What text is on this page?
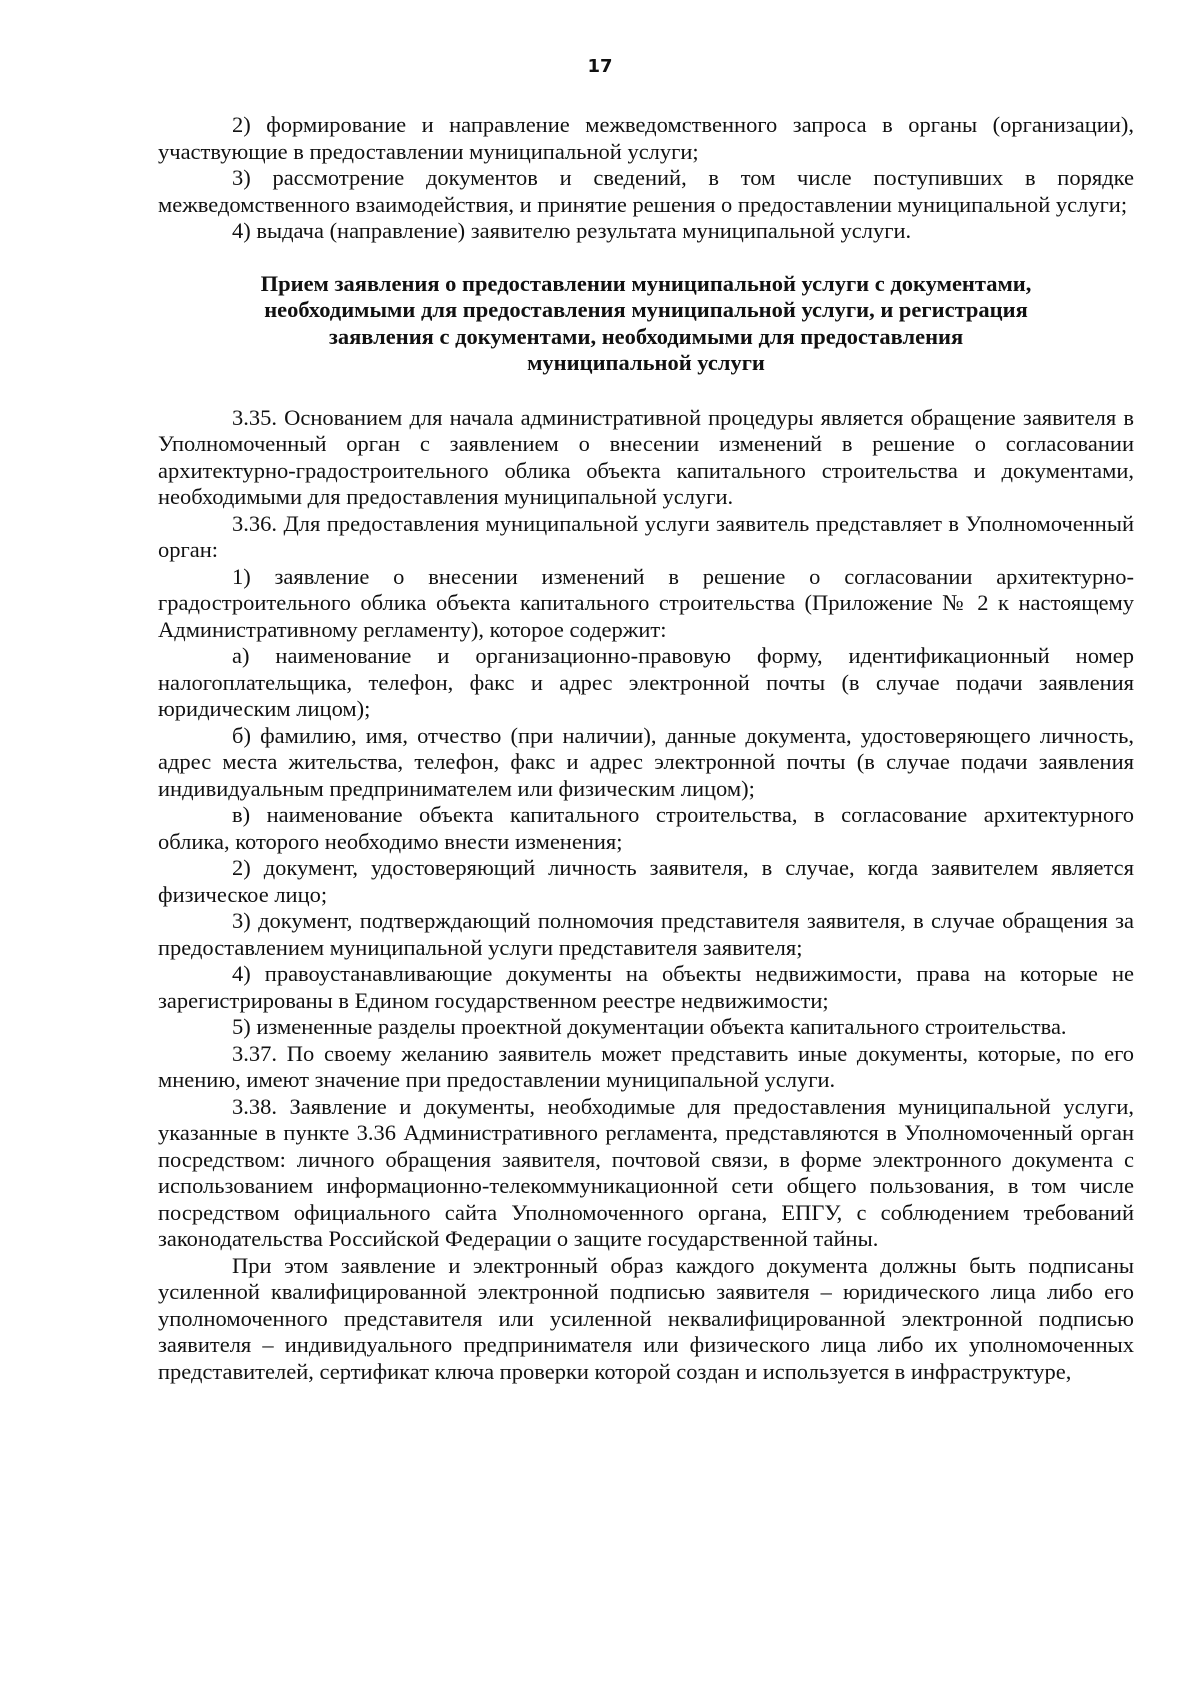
17

2) формирование и направление межведомственного запроса в органы (организации), участвующие в предоставлении муниципальной услуги;

3) рассмотрение документов и сведений, в том числе поступивших в порядке межведомственного взаимодействия, и принятие решения о предоставлении муниципальной услуги;

4) выдача (направление) заявителю результата муниципальной услуги.

Прием заявления о предоставлении муниципальной услуги с документами,
необходимыми для предоставления муниципальной услуги, и регистрация
заявления с документами, необходимыми для предоставления
муниципальной услуги

3.35. Основанием для начала административной процедуры является обращение заявителя в Уполномоченный орган с заявлением о внесении изменений в решение о согласовании архитектурно-градостроительного облика объекта капитального строительства и документами, необходимыми для предоставления муниципальной услуги.

3.36. Для предоставления муниципальной услуги заявитель представляет в Уполномоченный орган:

1) заявление о внесении изменений в решение о согласовании архитектурно-градостроительного облика объекта капитального строительства (Приложение № 2 к настоящему Административному регламенту), которое содержит:

а) наименование и организационно-правовую форму, идентификационный номер налогоплательщика, телефон, факс и адрес электронной почты (в случае подачи заявления юридическим лицом);

б) фамилию, имя, отчество (при наличии), данные документа, удостоверяющего личность, адрес места жительства, телефон, факс и адрес электронной почты (в случае подачи заявления индивидуальным предпринимателем или физическим лицом);

в) наименование объекта капитального строительства, в согласование архитектурного облика, которого необходимо внести изменения;

2) документ, удостоверяющий личность заявителя, в случае, когда заявителем является физическое лицо;

3) документ, подтверждающий полномочия представителя заявителя, в случае обращения за предоставлением муниципальной услуги представителя заявителя;

4) правоустанавливающие документы на объекты недвижимости, права на которые не зарегистрированы в Едином государственном реестре недвижимости;

5) измененные разделы проектной документации объекта капитального строительства.

3.37. По своему желанию заявитель может представить иные документы, которые, по его мнению, имеют значение при предоставлении муниципальной услуги.

3.38. Заявление и документы, необходимые для предоставления муниципальной услуги, указанные в пункте 3.36 Административного регламента, представляются в Уполномоченный орган посредством: личного обращения заявителя, почтовой связи, в форме электронного документа с использованием информационно-телекоммуникационной сети общего пользования, в том числе посредством официального сайта Уполномоченного органа, ЕПГУ, с соблюдением требований законодательства Российской Федерации о защите государственной тайны.

При этом заявление и электронный образ каждого документа должны быть подписаны усиленной квалифицированной электронной подписью заявителя – юридического лица либо его уполномоченного представителя или усиленной неквалифицированной электронной подписью заявителя – индивидуального предпринимателя или физического лица либо их уполномоченных представителей, сертификат ключа проверки которой создан и используется в инфраструктуре,
